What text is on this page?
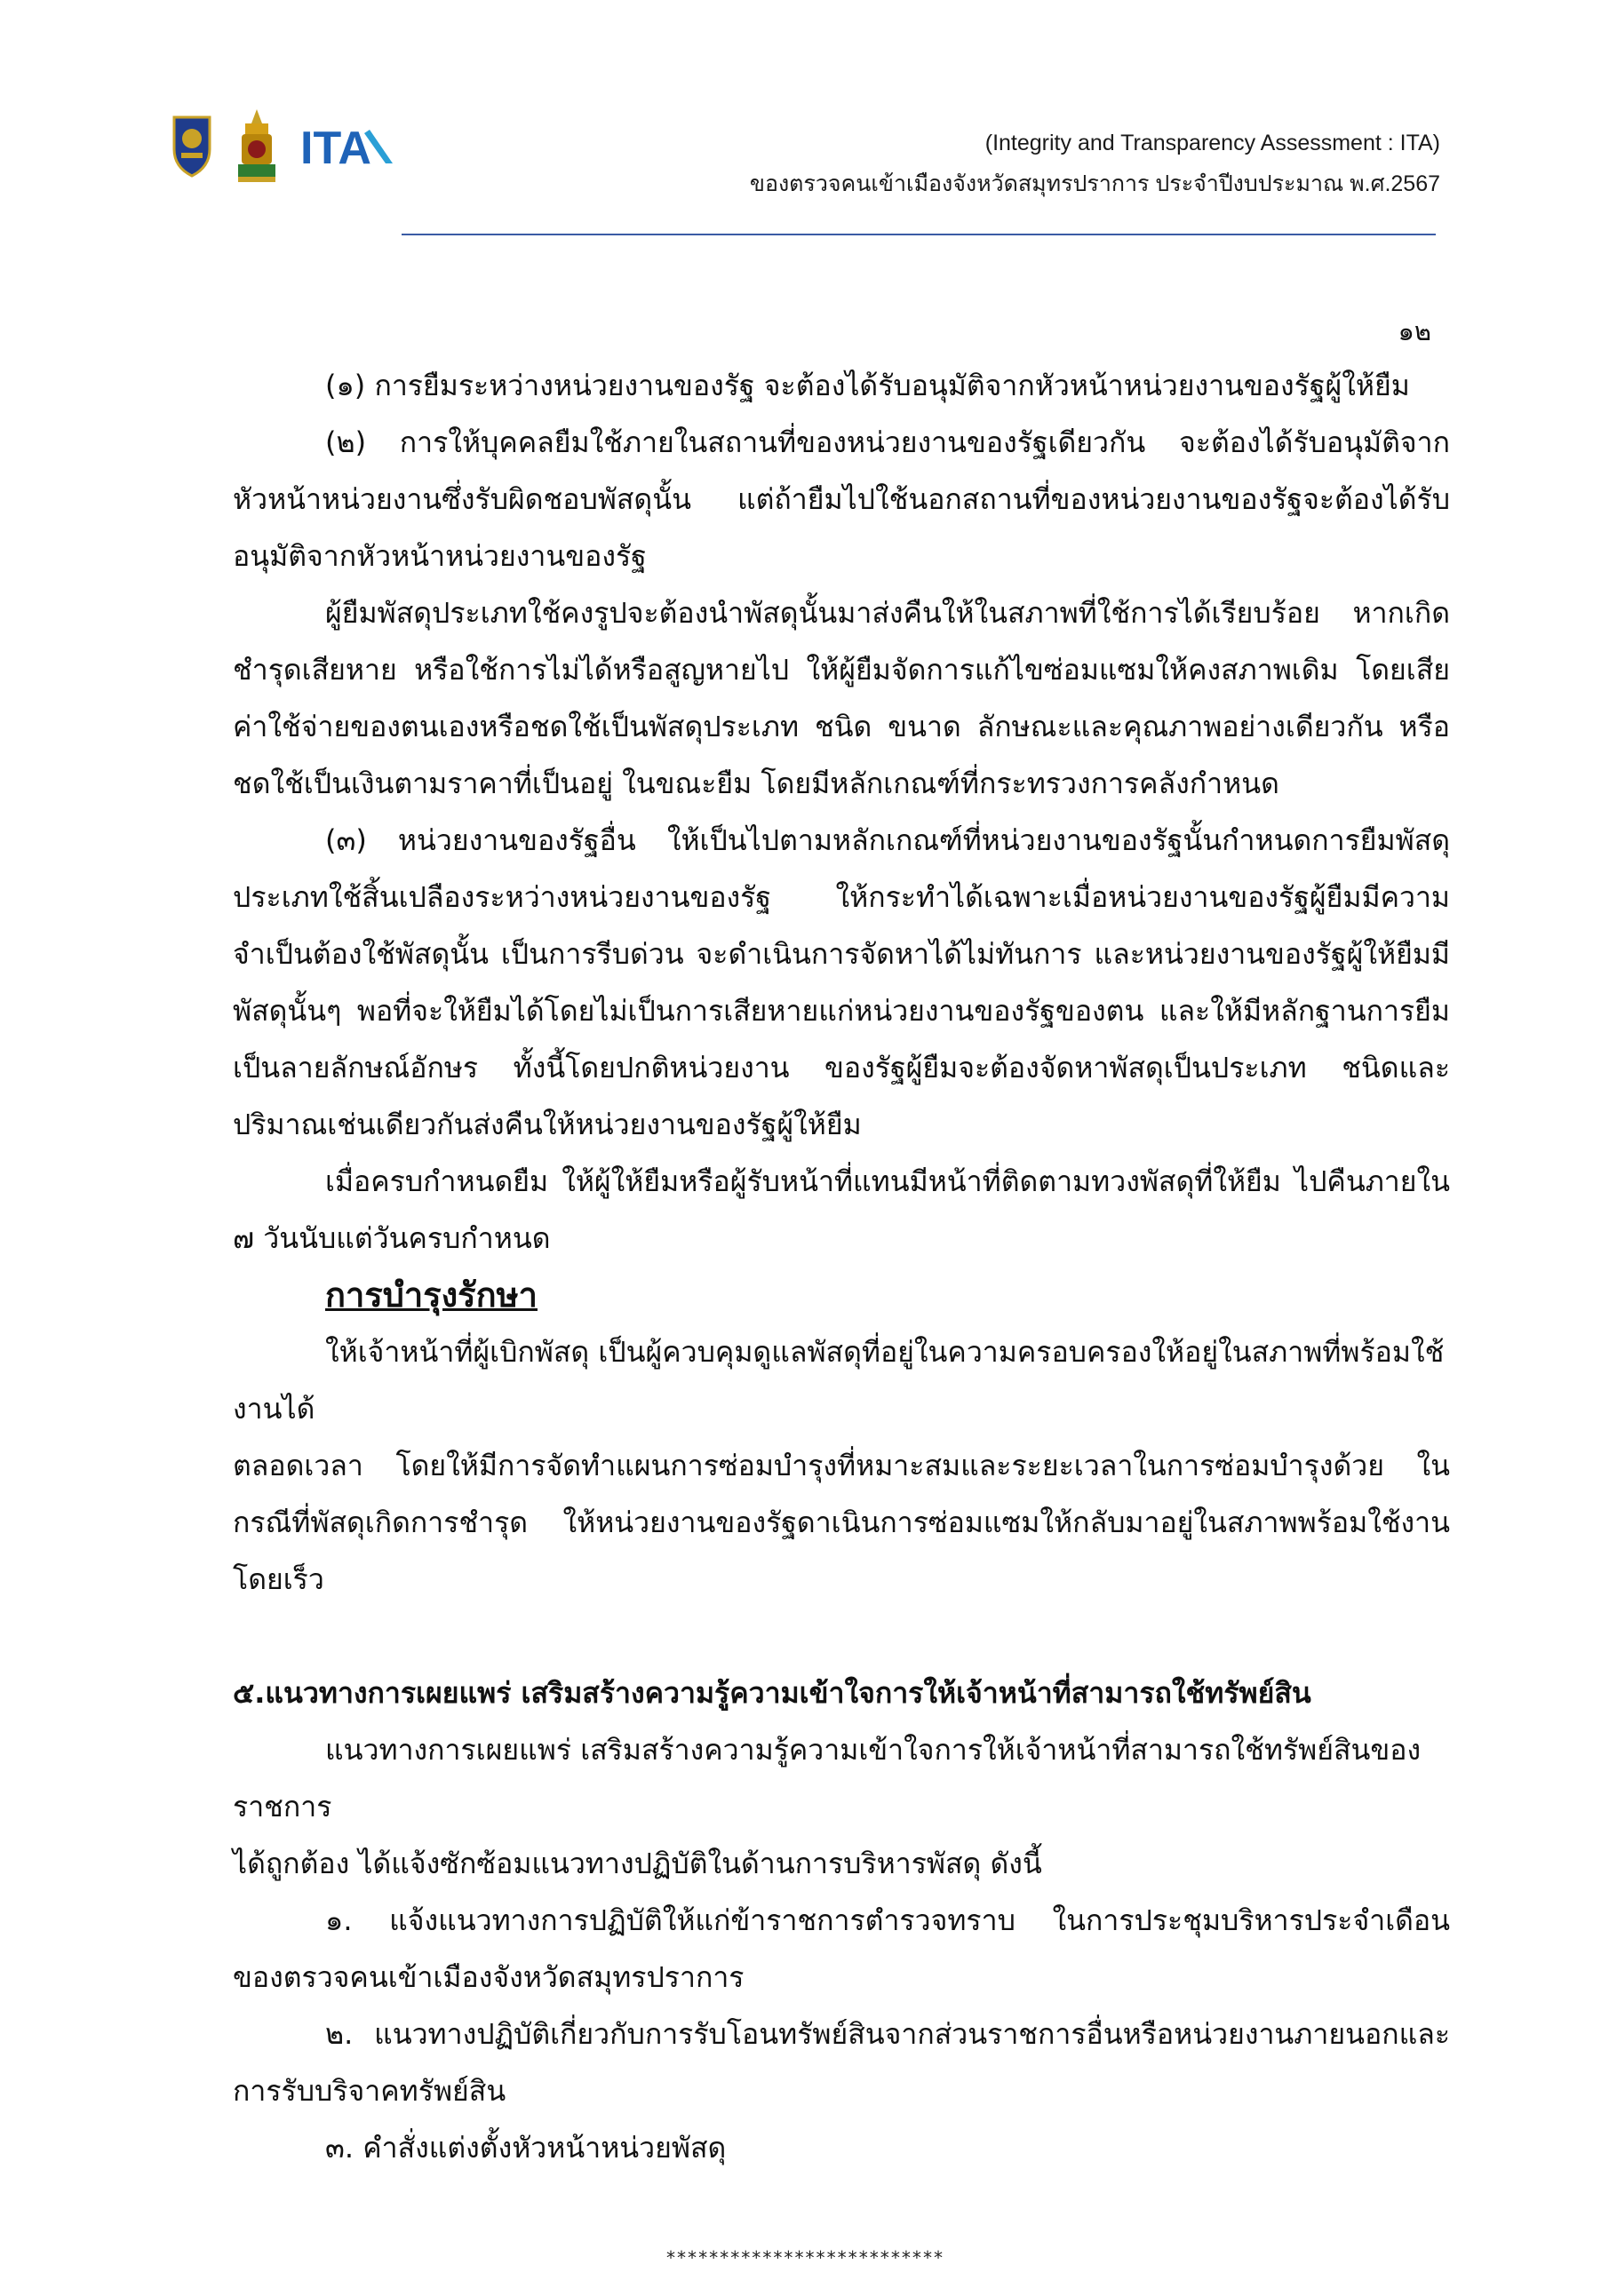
ITA	(Integrity and Transparency Assessment : ITA)
ของตรวจคนเข้าเมืองจังหวัดสมุทรปราการ ประจำปีงบประมาณ พ.ศ.2567
๑๒

(๑) การยืมระหว่างหน่วยงานของรัฐ จะต้องได้รับอนุมัติจากหัวหน้าหน่วยงานของรัฐผู้ให้ยืม

(๒) การให้บุคคลยืมใช้ภายในสถานที่ของหน่วยงานของรัฐเดียวกัน จะต้องได้รับอนุมัติจากหัวหน้าหน่วยงานซึ่งรับผิดชอบพัสดุนั้น แต่ถ้ายืมไปใช้นอกสถานที่ของหน่วยงานของรัฐจะต้องได้รับอนุมัติจากหัวหน้าหน่วยงานของรัฐ

ผู้ยืมพัสดุประเภทใช้คงรูปจะต้องนำพัสดุนั้นมาส่งคืนให้ในสภาพที่ใช้การได้เรียบร้อย หากเกิดชำรุดเสียหาย หรือใช้การไม่ได้หรือสูญหายไป ให้ผู้ยืมจัดการแก้ไขซ่อมแซมให้คงสภาพเดิม โดยเสียค่าใช้จ่ายของตนเองหรือชดใช้เป็นพัสดุประเภท ชนิด ขนาด ลักษณะและคุณภาพอย่างเดียวกัน หรือ ชดใช้เป็นเงินตามราคาที่เป็นอยู่ ในขณะยืม โดยมีหลักเกณฑ์ที่กระทรวงการคลังกำหนด

(๓) หน่วยงานของรัฐอื่น ให้เป็นไปตามหลักเกณฑ์ที่หน่วยงานของรัฐนั้นกำหนดการยืมพัสดุประเภทใช้สิ้นเปลืองระหว่างหน่วยงานของรัฐ ให้กระทำได้เฉพาะเมื่อหน่วยงานของรัฐผู้ยืมมีความจำเป็นต้องใช้พัสดุนั้น เป็นการรีบด่วน จะดำเนินการจัดหาได้ไม่ทันการ และหน่วยงานของรัฐผู้ให้ยืมมีพัสดุนั้นๆ พอที่จะให้ยืมได้โดยไม่เป็นการเสียหายแก่หน่วยงานของรัฐของตน และให้มีหลักฐานการยืมเป็นลายลักษณ์อักษร ทั้งนี้โดยปกติหน่วยงาน ของรัฐผู้ยืมจะต้องจัดหาพัสดุเป็นประเภท ชนิดและปริมาณเช่นเดียวกันส่งคืนให้หน่วยงานของรัฐผู้ให้ยืม

เมื่อครบกำหนดยืม ให้ผู้ให้ยืมหรือผู้รับหน้าที่แทนมีหน้าที่ติดตามทวงพัสดุที่ให้ยืม ไปคืนภายใน ๗ วันนับแต่วันครบกำหนด

การบำรุงรักษา

ให้เจ้าหน้าที่ผู้เบิกพัสดุ เป็นผู้ควบคุมดูแลพัสดุที่อยู่ในความครอบครองให้อยู่ในสภาพที่พร้อมใช้งานได้

ตลอดเวลา โดยให้มีการจัดทำแผนการซ่อมบำรุงที่หมาะสมและระยะเวลาในการซ่อมบำรุงด้วย ในกรณีที่พัสดุเกิดการชำรุด ให้หน่วยงานของรัฐดาเนินการซ่อมแซมให้กลับมาอยู่ในสภาพพร้อมใช้งานโดยเร็ว

๕.แนวทางการเผยแพร่ เสริมสร้างความรู้ความเข้าใจการให้เจ้าหน้าที่สามารถใช้ทรัพย์สิน

แนวทางการเผยแพร่ เสริมสร้างความรู้ความเข้าใจการให้เจ้าหน้าที่สามารถใช้ทรัพย์สินของราชการ

ได้ถูกต้อง ได้แจ้งซักซ้อมแนวทางปฏิบัติในด้านการบริหารพัสดุ ดังนี้

๑. แจ้งแนวทางการปฏิบัติให้แก่ข้าราชการตำรวจทราบ ในการประชุมบริหารประจำเดือน ของตรวจคนเข้าเมืองจังหวัดสมุทรปราการ

๒. แนวทางปฏิบัติเกี่ยวกับการรับโอนทรัพย์สินจากส่วนราชการอื่นหรือหน่วยงานภายนอกและการรับบริจาคทรัพย์สิน

๓. คำสั่งแต่งตั้งหัวหน้าหน่วยพัสดุ

**************************
